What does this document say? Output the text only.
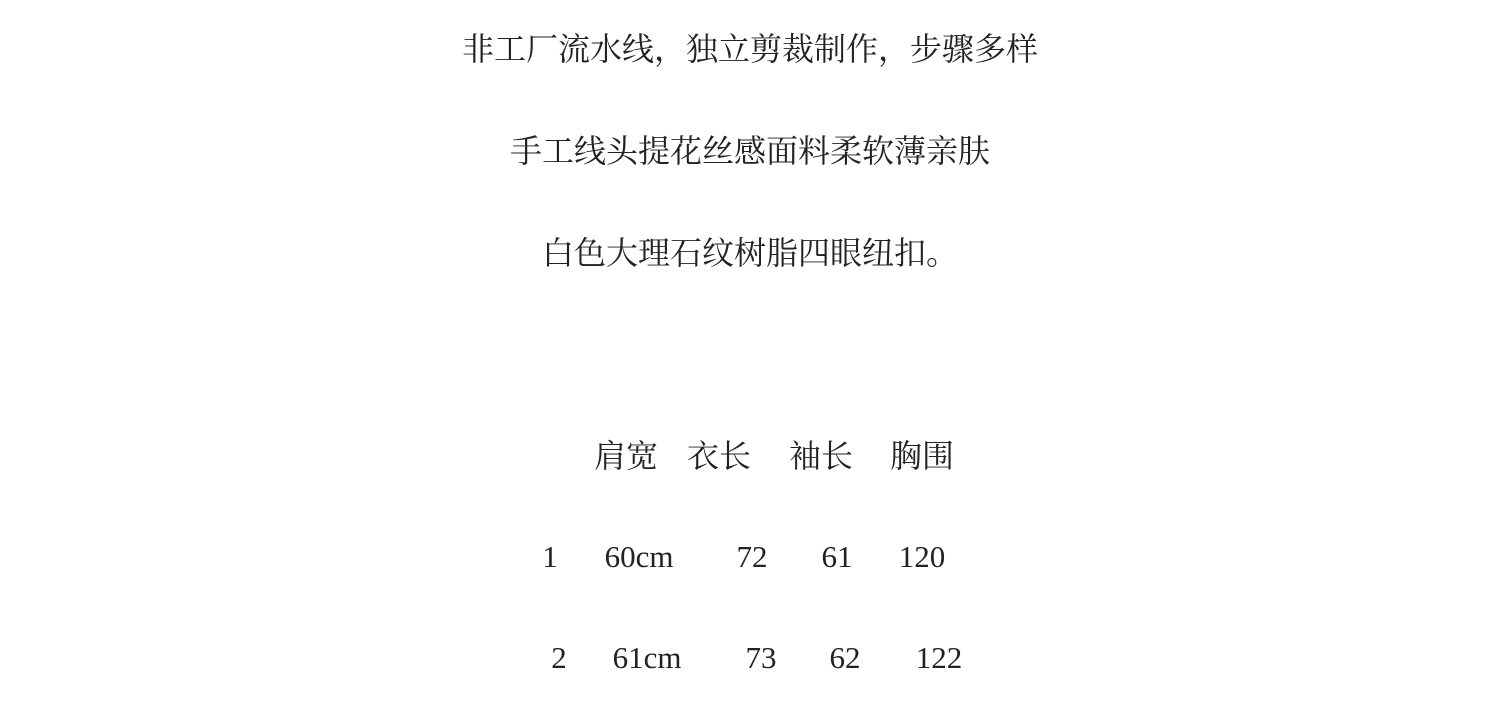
非工厂流水线，独立剪裁制作，步骤多样
手工线头提花丝感面料柔软薄亲肤
白色大理石纹树脂四眼纽扣。
肩宽 衣长 袖长 胸围
1 60cm 72 61 120
2 61cm 73 62 122
